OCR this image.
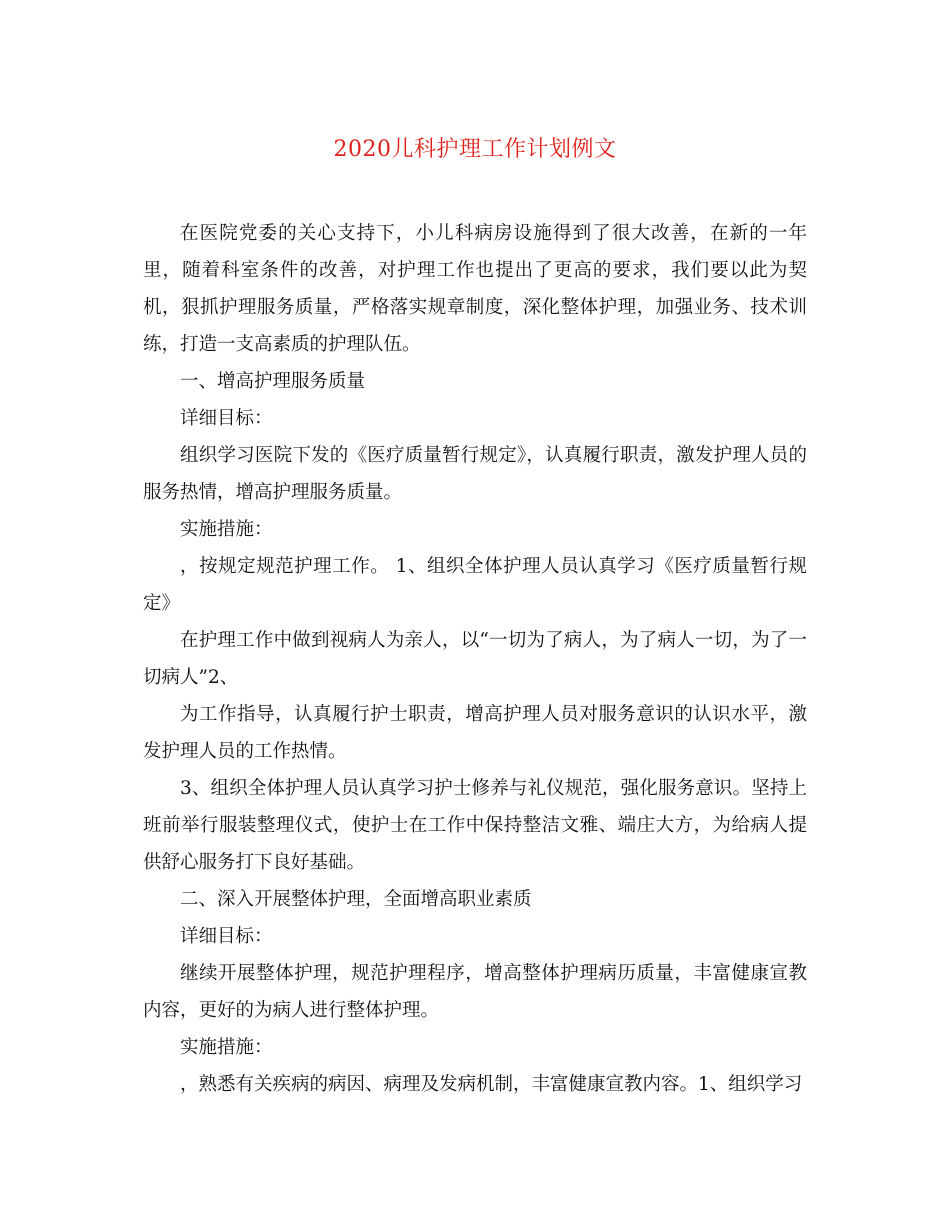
2020儿科护理工作计划例文

在医院党委的关心支持下，小儿科病房设施得到了很大改善，在新的一年里，随着科室条件的改善，对护理工作也提出了更高的要求，我们要以此为契机，狠抓护理服务质量，严格落实规章制度，深化整体护理，加强业务、技术训练，打造一支高素质的护理队伍。

一、增高护理服务质量

详细目标：

组织学习医院下发的《医疗质量暂行规定》，认真履行职责，激发护理人员的服务热情，增高护理服务质量。

实施措施：

，按规定规范护理工作。 1、组织全体护理人员认真学习《医疗质量暂行规定》

在护理工作中做到视病人为亲人，以“一切为了病人，为了病人一切，为了一切病人”2、

为工作指导，认真履行护士职责，增高护理人员对服务意识的认识水平，激发护理人员的工作热情。

3、组织全体护理人员认真学习护士修养与礼仪规范，强化服务意识。坚持上班前举行服装整理仪式，使护士在工作中保持整洁文雅、端庄大方，为给病人提供舒心服务打下良好基础。

二、深入开展整体护理，全面增高职业素质

详细目标：

继续开展整体护理，规范护理程序，增高整体护理病历质量，丰富健康宣教内容，更好的为病人进行整体护理。

实施措施：

，熟悉有关疾病的病因、病理及发病机制，丰富健康宣教内容。1、组织学习
